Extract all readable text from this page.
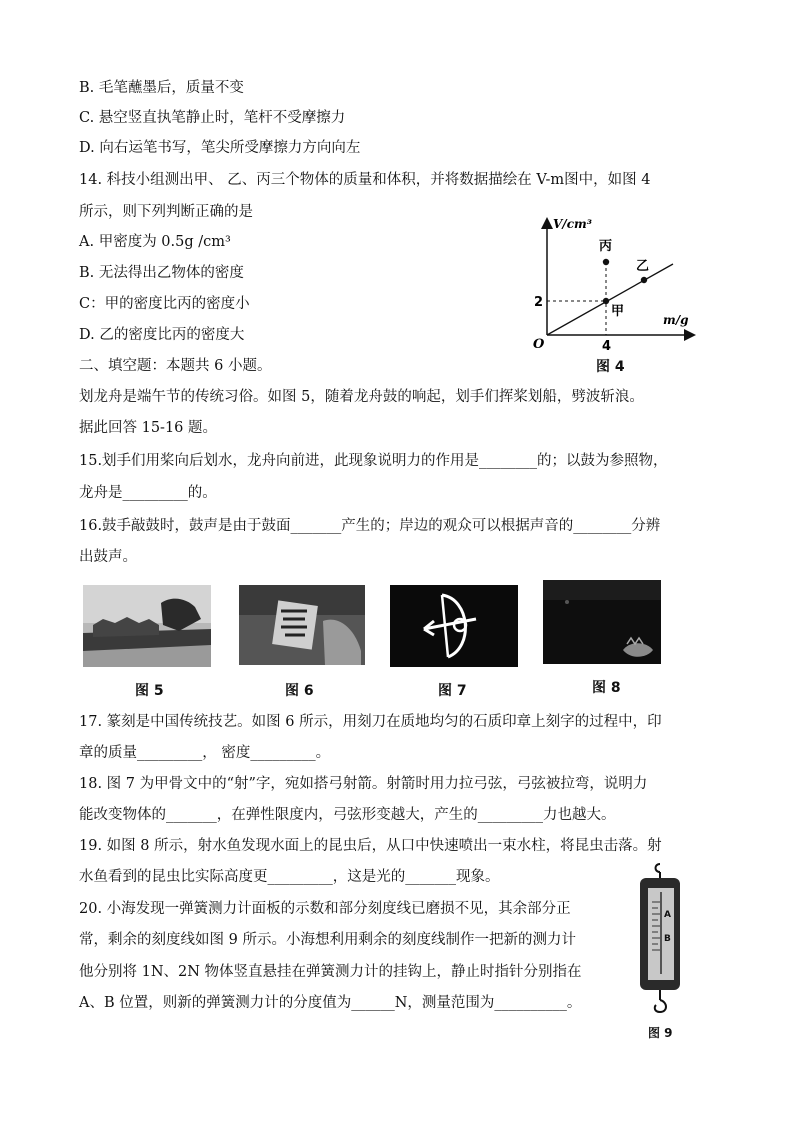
B. 毛笔蘸墨后，质量不变
C. 悬空竖直执笔静止时，笔杆不受摩擦力
D. 向右运笔书写，笔尖所受摩擦力方向向左
14. 科技小组测出甲、 乙、丙三个物体的质量和体积，并将数据描绘在 V-m图中，如图 4
所示，则下列判断正确的是
A. 甲密度为 0.5g /cm³
B. 无法得出乙物体的密度
C：甲的密度比丙的密度小
D. 乙的密度比丙的密度大
二、填空题：本题共 6 小题。
划龙舟是端午节的传统习俗。如图 5，随着龙舟鼓的响起，划手们挥桨划船，劈波斩浪。
据此回答 15-16 题。
15.划手们用桨向后划水，龙舟向前进，此现象说明力的作用是________的；以鼓为参照物，
龙舟是_________的。
16.鼓手敲鼓时，鼓声是由于鼓面_______产生的；岸边的观众可以根据声音的________分辨
出鼓声。
17. 篆刻是中国传统技艺。如图 6 所示，用刻刀在质地均匀的石质印章上刻字的过程中，印
章的质量_________， 密度_________。
18. 图 7 为甲骨文中的“射”字，宛如搭弓射箭。射箭时用力拉弓弦，弓弦被拉弯，说明力
能改变物体的_______，在弹性限度内，弓弦形变越大，产生的_________力也越大。
19. 如图 8 所示，射水鱼发现水面上的昆虫后，从口中快速喷出一束水柱，将昆虫击落。射
水鱼看到的昆虫比实际高度更_________，这是光的_______现象。
20. 小海发现一弹簧测力计面板的示数和部分刻度线已磨损不见，其余部分正
常，剩余的刻度线如图 9 所示。小海想利用剩余的刻度线制作一把新的测力计
他分别将 1N、2N 物体竖直悬挂在弹簧测力计的挂钩上，静止时指针分别指在
A、B 位置，则新的弹簧测力计的分度值为______N，测量范围为__________。
V/cm³
m/g
O
2
4
丙
乙
甲
图 4
图 5	图 6	图 7	图 8
A
B
图 9
